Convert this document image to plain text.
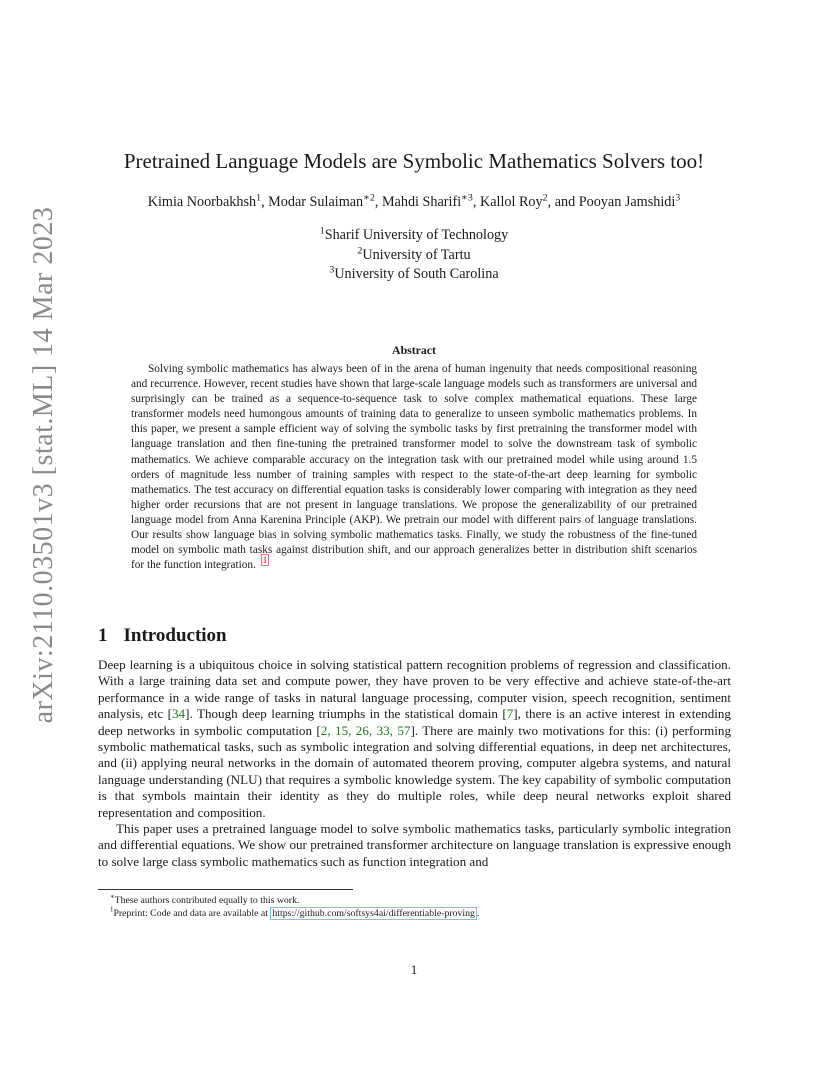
arXiv:2110.03501v3 [stat.ML] 14 Mar 2023
Pretrained Language Models are Symbolic Mathematics Solvers too!
Kimia Noorbakhsh$^1$, Modar Sulaiman$^{∗2}$, Mahdi Sharifi$^{∗3}$, Kallol Roy$^2$, and Pooyan Jamshidi$^3$
$^1$Sharif University of Technology
$^2$University of Tartu
$^3$University of South Carolina
Abstract

Solving symbolic mathematics has always been of in the arena of human ingenuity that needs compositional reasoning and recurrence. However, recent studies have shown that large-scale language models such as transformers are universal and surprisingly can be trained as a sequence-to-sequence task to solve complex mathematical equations. These large transformer models need humongous amounts of training data to generalize to unseen symbolic mathematics problems. In this paper, we present a sample efficient way of solving the symbolic tasks by first pretraining the transformer model with language translation and then fine-tuning the pretrained transformer model to solve the downstream task of symbolic mathematics. We achieve comparable accuracy on the integration task with our pretrained model while using around 1.5 orders of magnitude less number of training samples with respect to the state-of-the-art deep learning for symbolic mathematics. The test accuracy on differential equation tasks is considerably lower comparing with integration as they need higher order recursions that are not present in language translations. We propose the generalizability of our pretrained language model from Anna Karenina Principle (AKP). We pretrain our model with different pairs of language translations. Our results show language bias in solving symbolic mathematics tasks. Finally, we study the robustness of the fine-tuned model on symbolic math tasks against distribution shift, and our approach generalizes better in distribution shift scenarios for the function integration. $^1$

1 Introduction

Deep learning is a ubiquitous choice in solving statistical pattern recognition problems of regression and classification. With a large training data set and compute power, they have proven to be very effective and achieve state-of-the-art performance in a wide range of tasks in natural language processing, computer vision, speech recognition, sentiment analysis, etc [34]. Though deep learning triumphs in the statistical domain [7], there is an active interest in extending deep networks in symbolic computation [2, 15, 26, 33, 57]. There are mainly two motivations for this: (i) performing symbolic mathematical tasks, such as symbolic integration and solving differential equations, in deep net architectures, and (ii) applying neural networks in the domain of automated theorem proving, computer algebra systems, and natural language understanding (NLU) that requires a symbolic knowledge system. The key capability of symbolic computation is that symbols maintain their identity as they do multiple roles, while deep neural networks exploit shared representation and composition.

This paper uses a pretrained language model to solve symbolic mathematics tasks, particularly symbolic integration and differential equations. We show our pretrained transformer architecture on language translation is expressive enough to solve large class symbolic mathematics such as function integration and

∗These authors contributed equally to this work.
$^1$Preprint: Code and data are available at https://github.com/softsys4ai/differentiable-proving .
1
